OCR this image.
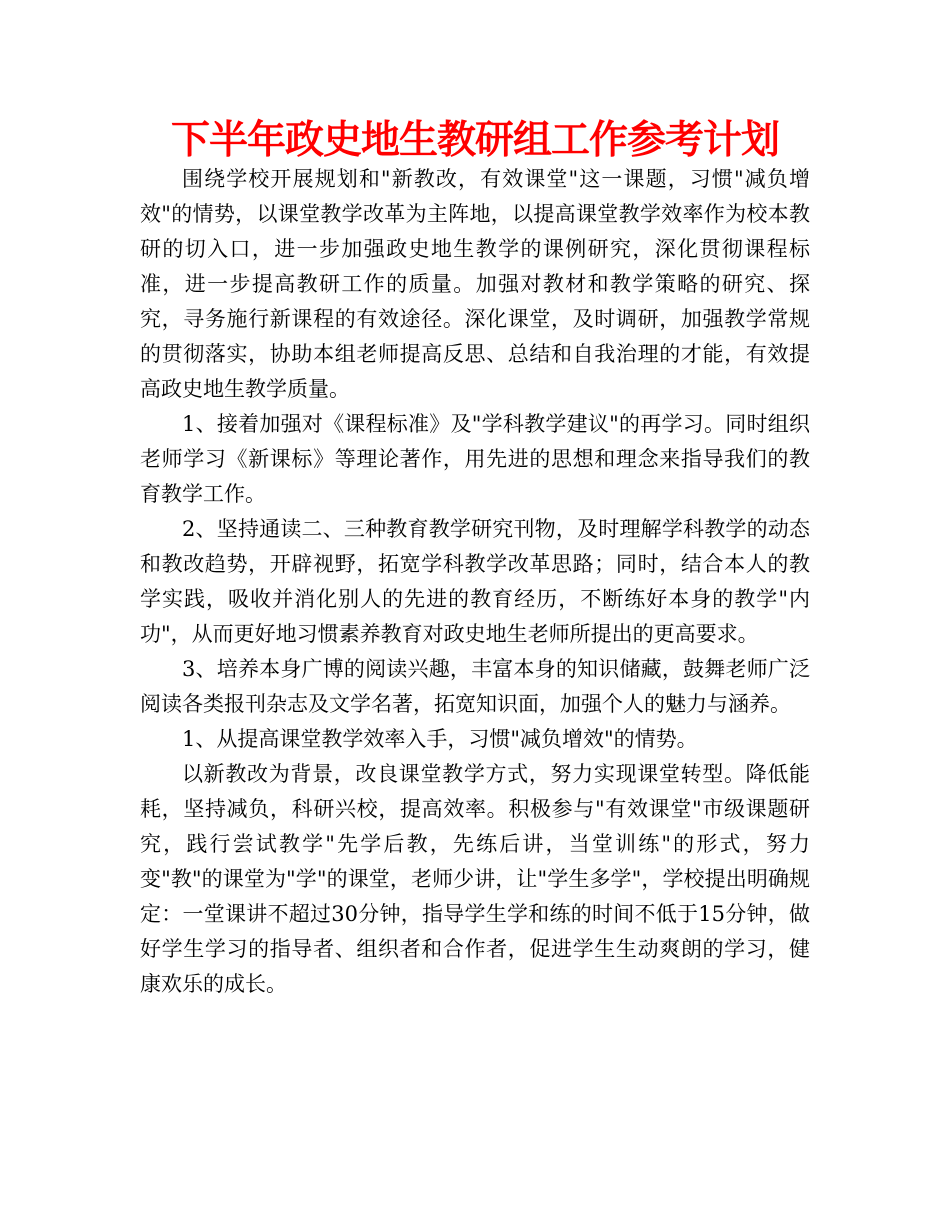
下半年政史地生教研组工作参考计划

围绕学校开展规划和"新教改，有效课堂"这一课题，习惯"减负增效"的情势，以课堂教学改革为主阵地，以提高课堂教学效率作为校本教研的切入口，进一步加强政史地生教学的课例研究，深化贯彻课程标准，进一步提高教研工作的质量。加强对教材和教学策略的研究、探究，寻务施行新课程的有效途径。深化课堂，及时调研，加强教学常规的贯彻落实，协助本组老师提高反思、总结和自我治理的才能，有效提高政史地生教学质量。

1、接着加强对《课程标准》及"学科教学建议"的再学习。同时组织老师学习《新课标》等理论著作，用先进的思想和理念来指导我们的教育教学工作。

2、坚持通读二、三种教育教学研究刊物，及时理解学科教学的动态和教改趋势，开辟视野，拓宽学科教学改革思路；同时，结合本人的教学实践，吸收并消化别人的先进的教育经历，不断练好本身的教学"内功"，从而更好地习惯素养教育对政史地生老师所提出的更高要求。

3、培养本身广博的阅读兴趣，丰富本身的知识储藏，鼓舞老师广泛阅读各类报刊杂志及文学名著，拓宽知识面，加强个人的魅力与涵养。

1、从提高课堂教学效率入手，习惯"减负增效"的情势。

以新教改为背景，改良课堂教学方式，努力实现课堂转型。降低能耗，坚持减负，科研兴校，提高效率。积极参与"有效课堂"市级课题研究，践行尝试教学"先学后教，先练后讲，当堂训练"的形式，努力变"教"的课堂为"学"的课堂，老师少讲，让"学生多学"，学校提出明确规定：一堂课讲不超过30分钟，指导学生学和练的时间不低于15分钟，做好学生学习的指导者、组织者和合作者，促进学生生动爽朗的学习，健康欢乐的成长。
